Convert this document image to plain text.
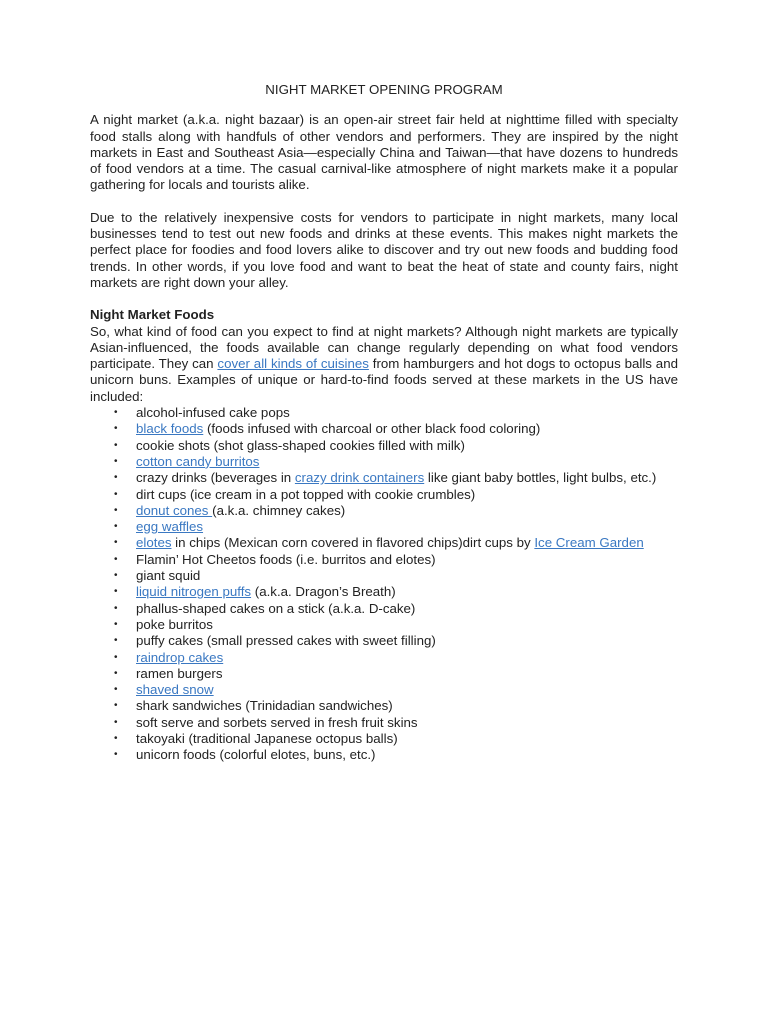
NIGHT MARKET OPENING PROGRAM

A night market (a.k.a. night bazaar) is an open-air street fair held at nighttime filled with specialty food stalls along with handfuls of other vendors and performers. They are inspired by the night markets in East and Southeast Asia—especially China and Taiwan—that have dozens to hundreds of food vendors at a time. The casual carnival-like atmosphere of night markets make it a popular gathering for locals and tourists alike.

Due to the relatively inexpensive costs for vendors to participate in night markets, many local businesses tend to test out new foods and drinks at these events. This makes night markets the perfect place for foodies and food lovers alike to discover and try out new foods and budding food trends. In other words, if you love food and want to beat the heat of state and county fairs, night markets are right down your alley.

Night Market Foods

So, what kind of food can you expect to find at night markets? Although night markets are typically Asian-influenced, the foods available can change regularly depending on what food vendors participate. They can cover all kinds of cuisines from hamburgers and hot dogs to octopus balls and unicorn buns. Examples of unique or hard-to-find foods served at these markets in the US have included:

• alcohol-infused cake pops
• black foods (foods infused with charcoal or other black food coloring)
• cookie shots (shot glass-shaped cookies filled with milk)
• cotton candy burritos
• crazy drinks (beverages in crazy drink containers like giant baby bottles, light bulbs, etc.)
• dirt cups (ice cream in a pot topped with cookie crumbles)
• donut cones (a.k.a. chimney cakes)
• egg waffles
• elotes in chips (Mexican corn covered in flavored chips)dirt cups by Ice Cream Garden
• Flamin’ Hot Cheetos foods (i.e. burritos and elotes)
• giant squid
• liquid nitrogen puffs (a.k.a. Dragon’s Breath)
• phallus-shaped cakes on a stick (a.k.a. D-cake)
• poke burritos
• puffy cakes (small pressed cakes with sweet filling)
• raindrop cakes
• ramen burgers
• shaved snow
• shark sandwiches (Trinidadian sandwiches)
• soft serve and sorbets served in fresh fruit skins
• takoyaki (traditional Japanese octopus balls)
• unicorn foods (colorful elotes, buns, etc.)
